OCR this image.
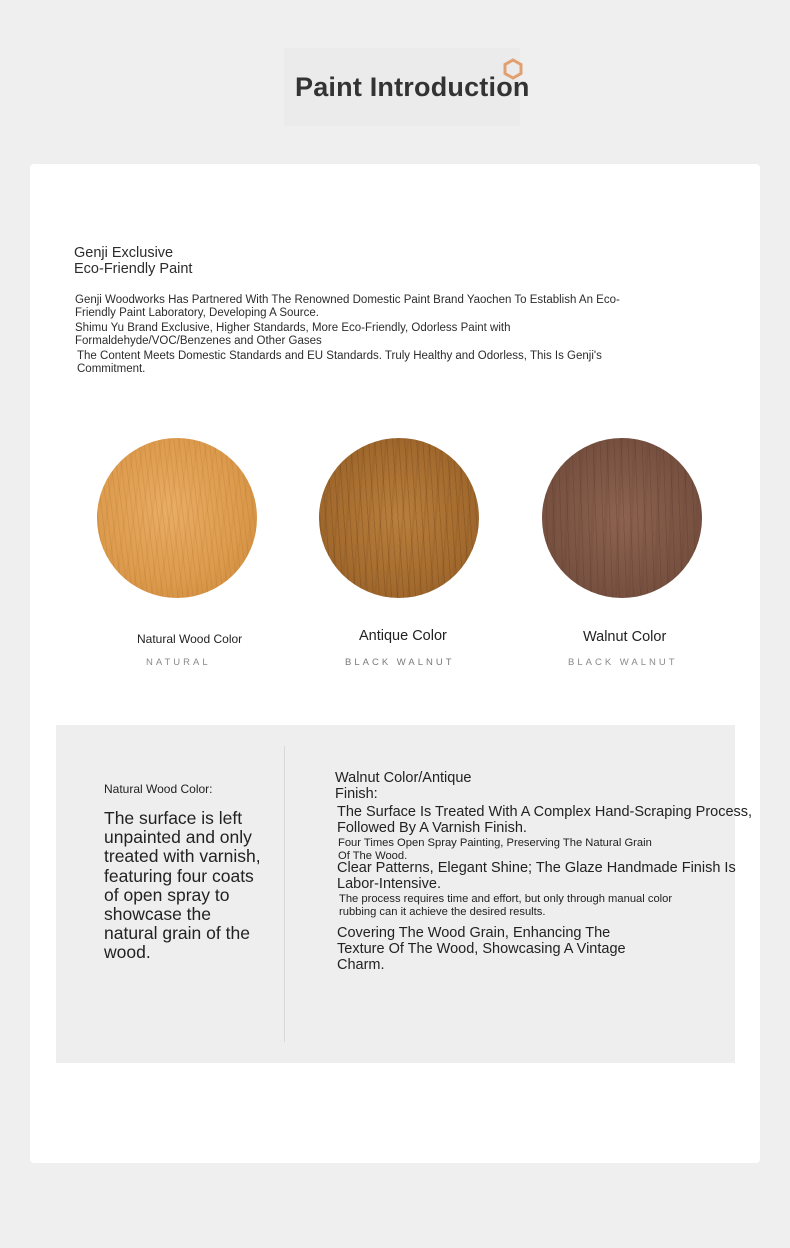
Paint Introduction
Genji Exclusive
Eco-Friendly Paint

Genji Woodworks Has Partnered With The Renowned Domestic Paint Brand Yaochen To Establish An Eco-Friendly Paint Laboratory, Developing A Source.

Shimu Yu Brand Exclusive, Higher Standards, More Eco-Friendly, Odorless Paint with Formaldehyde/VOC/Benzenes and Other Gases

The Content Meets Domestic Standards and EU Standards. Truly Healthy and Odorless, This Is Genji's Commitment.

Natural Wood Color	Antique Color	Walnut Color
NATURAL	BLACK WALNUT	BLACK WALNUT
Natural Wood Color:
The surface is left unpainted and only treated with varnish, featuring four coats of open spray to showcase the natural grain of the wood.
Walnut Color/Antique Finish:
The Surface Is Treated With A Complex Hand-Scraping Process, Followed By A Varnish Finish.
Four Times Open Spray Painting, Preserving The Natural Grain Of The Wood.
Clear Patterns, Elegant Shine; The Glaze Handmade Finish Is Labor-Intensive.
The process requires time and effort, but only through manual color rubbing can it achieve the desired results.
Covering The Wood Grain, Enhancing The Texture Of The Wood, Showcasing A Vintage Charm.
